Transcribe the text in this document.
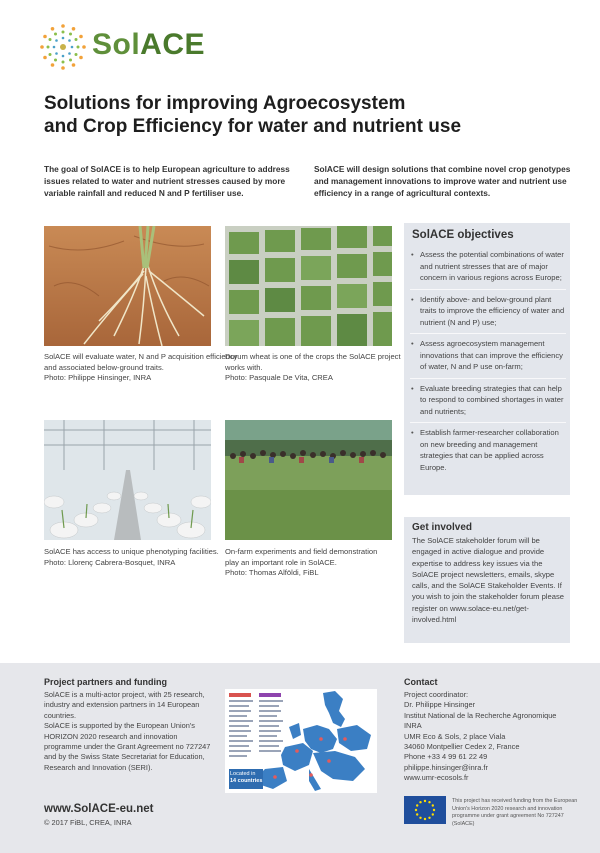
SolACE
Solutions for improving Agroecosystem
and Crop Efficiency for water and nutrient use
The goal of SolACE is to help European agriculture to address issues related to water and nutrient stresses caused by more variable rainfall and reduced N and P fertiliser use.
SolACE will design solutions that combine novel crop genotypes and management innovations to improve water and nutrient use efficiency in a range of agricultural contexts.
SolACE will evaluate water, N and P acquisition efficiency and associated below-ground traits.
Photo: Philippe Hinsinger, INRA
Durum wheat is one of the crops the SolACE project works with.
Photo: Pasquale De Vita, CREA
SolACE has access to unique phenotyping facilities.
Photo: Llorenç Cabrera-Bosquet, INRA
On-farm experiments and field demonstration play an important role in SolACE.
Photo: Thomas Alföldi, FiBL
SolACE objectives
• Assess the potential combinations of water and nutrient stresses that are of major concern in various regions across Europe;
• Identify above- and below-ground plant traits to improve the efficiency of water and nutrient (N and P) use;
• Assess agroecosystem management innovations that can improve the efficiency of water, N and P use on-farm;
• Evaluate breeding strategies that can help to respond to combined shortages in water and nutrients;
• Establish farmer-researcher collaboration on new breeding and management strategies that can be applied across Europe.
Get involved
The SolACE stakeholder forum will be engaged in active dialogue and provide expertise to address key issues via the SolACE project newsletters, emails, skype calls, and the SolACE Stakeholder Events. If you wish to join the stakeholder forum please register on www.solace-eu.net/get-involved.html
Project partners and funding
SolACE is a multi-actor project, with 25 research, industry and extension partners in 14 European countries.
SolACE is supported by the European Union's HORIZON 2020 research and innovation programme under the Grant Agreement no 727247 and by the Swiss State Secretariat for Education, Research and Innovation (SERI).
www.SolACE-eu.net
© 2017 FiBL, CREA, INRA
Located in
14 countries
Contact
Project coordinator:
Dr. Philippe Hinsinger
Institut National de la Recherche Agronomique
INRA
UMR Eco & Sols, 2 place Viala
34060 Montpellier Cedex 2, France
Phone +33 4 99 61 22 49
philippe.hinsinger@inra.fr
www.umr-ecosols.fr
This project has received funding from the European Union's Horizon 2020 research and innovation programme under grant agreement No 727247 (SolACE)
